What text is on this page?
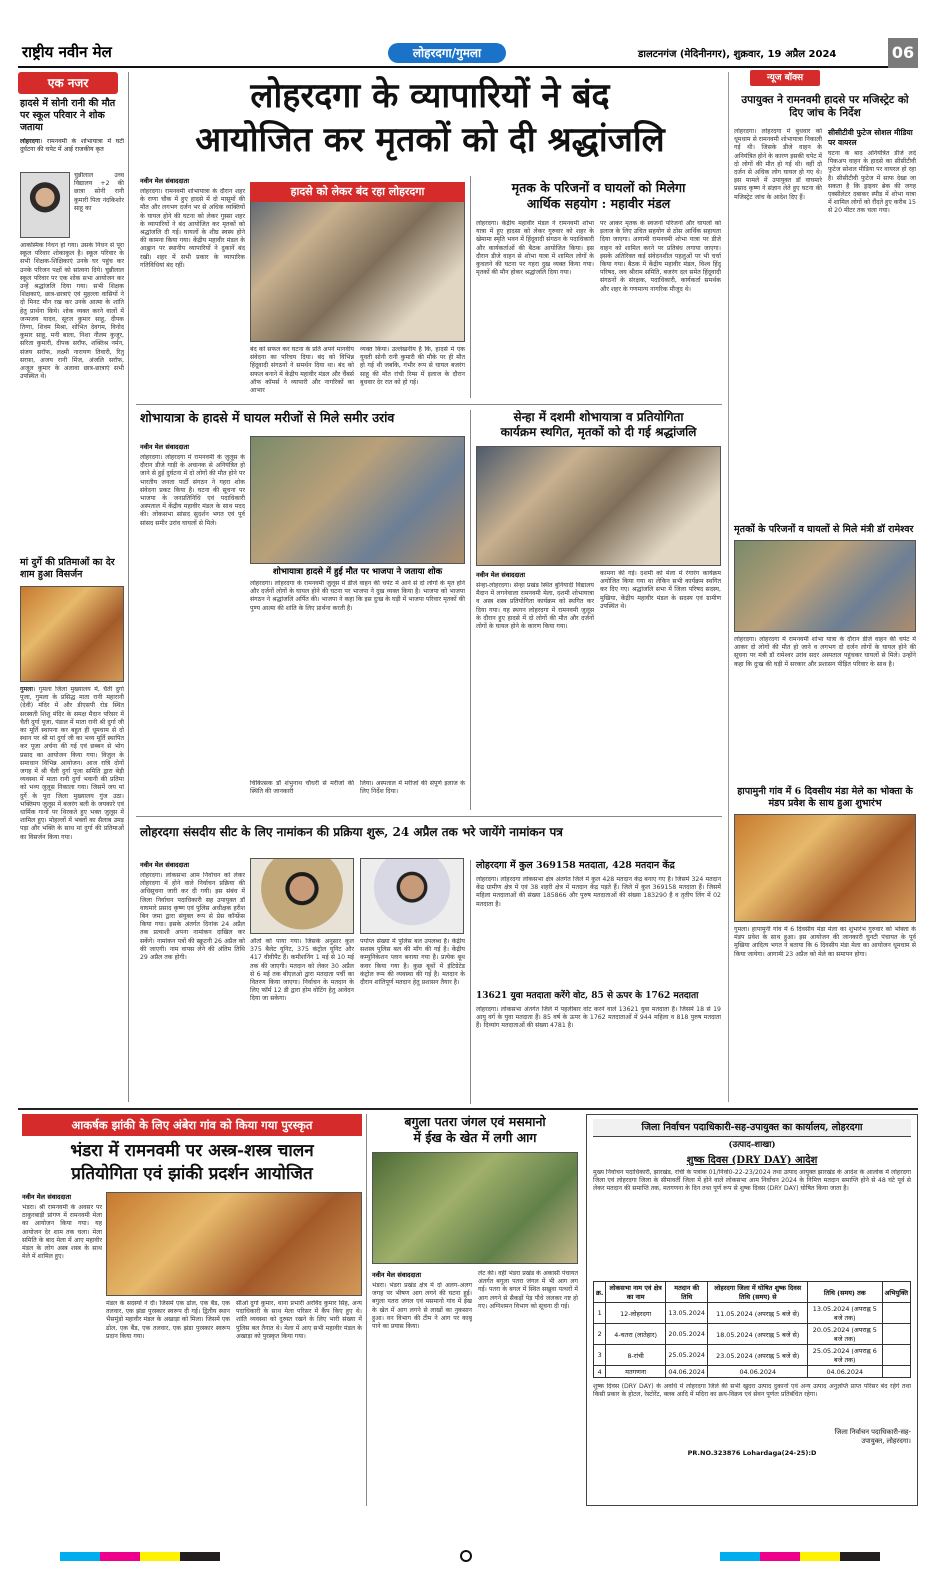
राष्ट्रीय नवीन मेल	लोहरदगा/गुमला	डालटनगंज (मेदिनीनगर), शुक्रवार, 19 अप्रैल 2024	06
एक नजर
हादसे में सोनी रानी की मौत पर स्कूल परिवार ने शोक जताया
लोहरदगा। रामनवमी के शोभायात्रा में घटी दुर्घटना की चपेट में आई राजकीय कृत
चुन्नीलाल उच्च विद्यालय +2 की छात्रा सोनी रानी कुमारी पिता नंदकिशोर साहू का
आकस्मिक निधन हो गया। उसके निधन से पूरा स्कूल परिवार शोकाकुल है। स्कूल परिवार के सभी शिक्षक-शिक्षिकाएं उनके घर पहुंच कर उनके परिजन पक्षों को सांत्वना दिये। चुन्नीलाल स्कूल परिवार पर एक शोक सभा आयोजन कर उन्हें श्रद्धांजलि दिया गया। सभी शिक्षक शिक्षकाएं, छात्र-छात्राएं एवं मुहल्ला वासियों ने दो मिनट मौन रख कर उनके आत्मा के शांति हेतु प्रार्थना किये। शोक व्यक्त करने वालों में जन्मजय यादव, सूरज कुमार साहू, दीपक तिग्गा, शिवम मिश्रा, शोभित देवगम, विनोद कुमार साहू, मनी बाला, निशा नीलम कुजूर, सरिता कुमारी, दीपक सरॉफ, शक्तिश्र नर्मन, संजय सरॉफ, लक्ष्मी नारायण तिवारी, रितु सरफ़ा, अजय रानी मिंज, अंजलि सरॉफ, अजूल कुमार के अलावा छात्र-छात्राएं सभी उपस्थित थे।
मां दुर्गे की प्रतिमाओं का देर शाम हुआ विसर्जन
गुमला। गुमला जिला मुख्यालय में, चैती दुर्गा पूजा, गुमला के प्रसिद्ध माता रानी महारानी (देवी) मंदिर में और डीएसपी रोड स्थित सरस्वती शिशु मंदिर के समक्ष मैदान परिसर में चैती दुर्गा पूजा, पंडाल में माता रानी श्री दुर्गा जी का मूर्ति स्थापना कर बहुत ही धूमधाम से दो स्थान पर श्री मां दुर्गा जी का भव्य मूर्ति स्थापित कर पूजा अर्चना की गई एवं छब्बन से भोग प्रसाद का आयोजन किया गया। विजुल के समाधान विभिन्न आयोजन। आज रात्रि दोनों जगह में श्री चैती दुर्गा पूजा समिति द्वारा बेड़ी व्यवस्था में माता रानी दुर्गा भवानी की प्रतिमा को भव्य जुलूस निकाला गया। जिसमें जय मां दुर्गे के पूरा जिला मुख्यालय गुंज उठा। भक्तिमय जुलूस में बजरंग बली के जयकारे एवं धार्मिक गानों पर थिरकते हुए भक्त जुलूस में शामिल हुए। मोहल्लों में भक्तों का सैलाब उमड़ पड़ा और भक्ति के साथ मां दुर्गा की प्रतिमाओं का विसर्जन किया गया।
लोहरदगा के व्यापारियों ने बंद
आयोजित कर मृतकों को दी श्रद्धांजलि
नवीन मेल संवाददाता
लोहरदगा। रामनवमी शोभायात्रा के दौरान शहर के राणा चौक में हुए हादसे में दो मासूमों की मौत और लगभग दर्जन भर से अधिक व्यक्तियों के घायल होने की घटना को लेकर गुस्सा शहर के व्यापारियों ने बंद आयोजित कर मृतकों को श्रद्धांजलि दी गई। घायलों के शीघ्र स्वस्थ होने की कामना किया गया। केंद्रीय महावीर मंडल के आह्वान पर स्थानीय व्यापारियों ने दुकानें बंद रखी। शहर में सभी प्रकार के व्यापारिक गतिविधियां बंद रहीं।
हादसे को लेकर बंद रहा लोहरदगा
बंद को सफल कर घटना के प्रति अपने मानवीय संवेदना का परिचय दिया। बंद को विभिन्न हिंदूवादी संगठनों ने समर्थन दिया था। बंद को सफल बनाने में केंद्रीय महावीर मंडल और चैंबर्स ऑफ कॉमर्स ने व्यापारी और नागरिकों का आभार
व्यक्त किया। उल्लेखनीय है कि, हादसे में एक युवती सोनी रानी कुमारी की मौके पर ही मौत हो गई थी जबकि, गंभीर रूप से घायल बजरंग साहू की मौत रांची रिम्स में इलाज के दौरान बुधवार देर रात को हो गई।
मृतक के परिजनों व घायलों को मिलेगा
आर्थिक सहयोग : महावीर मंडल
लोहरदगा। केंद्रीय महावीर मंडल ने रामनवमी शोभा यात्रा में हुए हादसा को लेकर गुरुवार को शहर के खेमामा स्मृति भवन में हिंदूवादी संगठन के पदाधिकारी और कार्यकर्ताओं की बैठक आयोजित किया। इस दौरान डीजे वाहन से शोभा यात्रा में शामिल लोगों के कुचलने की घटना पर गहरा दुख व्यक्त किया गया। मृतकों की मौन होकर श्रद्धांजलि दिया गया।
पर आकर मृतक के स्वजनों परिजनों और घायलों को इलाज के लिए उचित सहयोग से ठोस आर्थिक सहायता दिया जाएगा। आगामी रामनवमी शोभा यात्रा पर डीजे वाहन को शामिल करने पर प्रतिबंध लगाया जाएगा। इसके अतिरिक्त कई संवेदनशील पहलुओं पर भी चर्चा किया गया। बैठक में केंद्रीय महावीर मंडल, विश्व हिंदू परिषद, जय श्रीराम समिति, बजरंग दल समेत हिंदूवादी संगठनों के संरक्षक, पदाधिकारी, कार्यकर्ता समर्थक और शहर के गणमान्य नागरिक मौजूद थे।
शोभायात्रा के हादसे में घायल मरीजों से मिले समीर उरांव
नवीन मेल संवाददाता
लोहरदगा। लोहरदगा में रामनवमी के जुलूस के दौरान डीजे गाड़ी के अचानक से अनियंत्रित हो जाने से हुई दुर्घटना में दो लोगों की मौत होने पर भारतीय जनता पार्टी संगठन ने गहरा शोक संवेदना प्रकट किया है। घटना की सूचना पर भाजपा के जनप्रतिनिधि एवं पदाधिकारी अस्पताल में केंद्रीय महावीर मंडल के साथ मदद की। लोकसभा सांसद सुदर्शन भगत एवं पूर्व सांसद समीर उरांव घायलों से मिले।
शोभायात्रा हादसे में हुई मौत पर भाजपा ने जताया शोक
लोहरदगा। लोहरदगा के रामनवमी जुलूस में डीजे वाहन की चपेट में आने से दो लोगों के मृत होने और दर्जनों लोगों के घायल होने की घटना पर भाजपा ने दुख व्यक्त किया है। भाजपा को भाजपा संगठन ने श्रद्धांजलि अर्पित की। भाजपा ने कहा कि इस दुःख के घड़ी में भाजपा परिवार मृतकों की पुण्य आत्मा की शांति के लिए प्रार्थना करती है।
चिकित्सक डॉ शंभुनाथ चौधरी से मरीजों की स्थिति की जानकारी
लिया। अस्पताल में मरीजों की संपूर्ण इलाज के लिए निर्देश दिया।
सेन्हा में दशमी शोभायात्रा व प्रतियोगिता
कार्यक्रम स्थगित, मृतकों को दी गई श्रद्धांजलि
नवीन मेल संवाददाता
सेन्हा-लोहरदगा। सेन्हा प्रखंड स्थित बुनियादी विद्यालय मैदान में लगनेवाला रामनवमी मेला, दशमी शोभायात्रा व अस्त्र शस्त्र प्रतियोगिता कार्यक्रम को स्थगित कर दिया गया। यह स्थगन लोहरदगा में रामनवमी जुलूस के दौरान हुए हादसे में दो लोगों की मौत और दर्जनों लोगों के घायल होने के कारण किया गया।
कामना की गई। दशमी को मेला में रंगारंग कार्यक्रम अयोजित किया गया था लेकिन सभी कार्यक्रम स्थगित कर दिए गए। श्रद्धांजलि सभा में जिला परिषद सदस्य, मुखिया, केंद्रीय महावीर मंडल के सदस्य एवं ग्रामीण उपस्थित थे।
लोहरदगा संसदीय सीट के लिए नामांकन की प्रक्रिया शुरू, 24 अप्रैल तक भरे जायेंगे नामांकन पत्र
नवीन मेल संवाददाता
लोहरदगा। लोकसभा आम निर्वाचन को लेकर लोहरदगा में होने वाले निर्वाचन प्रक्रिया की अधिसूचना जारी कर दी गयी। इस संबंध में जिला निर्वाचन पदाधिकारी सह उपायुक्त डॉ वाघमारे प्रसाद कृष्ण एवं पुलिस अधीक्षक हरीश बिन जमा द्वारा संयुक्त रूप से प्रेस कॉन्फ्रेंस किया गया। इसके अंतर्गत दिनांक 24 अप्रैल तक प्रत्याशी अपना नामांकन दाखिल कर सकेंगे। नामांकन पत्रों की स्क्रूटनी 26 अप्रैल को की जाएगी। नाम वापस लेने की अंतिम तिथि 29 अप्रैल तक होगी।
और्ता को पाया गया। जिसके अनुसार कुल 375 बैलेट यूनिट, 375 कंट्रोल यूनिट और 417 वीवीपैट हैं। कमीशनिंग 1 मई से 10 मई तक की जाएगी। मतदान को लेकर 30 अप्रैल से 6 मई तक बीएलओ द्वारा मतदाता पर्ची का वितरण किया जाएगा। निर्वाचन के मतदान के लिए फॉर्म 12 डी द्वारा होम वोटिंग हेतु आवेदन दिया जा सकेगा।
पर्याप्त संख्या में पुलिस बल उपलब्ध है। केंद्रीय सशस्त्र पुलिस बल की माँग की गई है। केंद्रीय कम्युनिकेशन प्लान बनाया गया है। प्रत्येक बूथ कवर किया गया है। कुछ बूथों में इंटिग्रेटेड कंट्रोल रूम की व्यवस्था की गई है। मतदान के दौरान शांतिपूर्ण मतदान हेतु प्रशासन तैयार है।
लोहरदगा में कुल 369158 मतदाता, 428 मतदान केंद्र
लोहरदगा। लोहरदगा लोकसभा क्षेत्र अंतर्गत जिले में कुल 428 मतदान केंद्र बनाए गए हैं। जिसमें 324 मतदान केंद्र ग्रामीण क्षेत्र में एवं 38 शहरी क्षेत्र में मतदान केंद्र पड़ते हैं। जिले में कुल 369158 मतदाता हैं। जिसमें महिला मतदाताओं की संख्या 185866 और पुरुष मतदाताओं की संख्या 183290 है व तृतीय लिंग में 02 मतदाता है।
13621 युवा मतदाता करेंगे वोट, 85 से ऊपर के 1762 मतदाता
लोहरदगा। लोकसभा अंतर्गत जिले में पहलीबार वोट करने वाले 13621 युवा मतदाता हैं। जिसमें 18 से 19 आयु वर्ग के युवा मतदाता हैं। 85 वर्ष के ऊपर के 1762 मतदाताओं में 944 महिला व 818 पुरुष मतदाता हैं। दिव्यांग मतदाताओं की संख्या 4781 है।
न्यूज बॉक्स
उपायुक्त ने रामनवमी हादसे पर मजिस्ट्रेट को दिए जांच के निर्देश
लोहरदगा। लोहरदगा में बुधवार को धूमधाम से रामनवमी शोभायात्रा निकाली गई थी। जिसके डीजे वाहन के अनियंत्रित होने के कारण इसकी चपेट में दो लोगों की मौत हो गई थी। वहीं दो दर्जन से अधिक लोग घायल हो गए थे। इस मामले में उपायुक्त डॉ वाघमारे प्रसाद कृष्ण ने संज्ञान लेते हुए घटना की मजिस्ट्रेट जांच के आदेश दिए हैं।
सीसीटीवी फुटेज सोशल मीडिया पर वायरल
घटना के बाद अनियंत्रित डीजे लदे पिकअप वाहन के हादसे का सीसीटीवी फुटेज सोशल मीडिया पर वायरल हो रहा है। सीसीटीवी फुटेज में साफ देखा जा सकता है कि ड्राइवर ब्रेक की जगह एक्सीलेटर दबाकर स्पीड में शोभा यात्रा में शामिल लोगों को रौंदते हुए करीब 15 से 20 मीटर तक चला गया।
मृतकों के परिजनों व घायलों से मिले मंत्री डॉ रामेश्वर
लोहरदगा। लोहरदगा में रामनवमी शोभा यात्रा के दौरान डीजे वाहन की चपेट में आकर दो लोगों की मौत हो जाने व लगभग दो दर्जन लोगों के घायल होने की सूचना पर मंत्री डॉ रामेश्वर उरांव सदर अस्पताल पहुंचकर घायलों से मिले। उन्होंने कहा कि दुःख की घड़ी में सरकार और प्रशासन पीड़ित परिवार के साथ है।
हापामुनी गांव में 6 दिवसीय मंडा मेले का भोक्ता के मंडप प्रवेश के साथ हुआ शुभारंभ
गुमला। हापामुनी गांव में 6 दिवसीय मंडा मेला का शुभारंभ गुरुवार को भोक्ता के मंडप प्रवेश के साथ हुआ। इस आयोजन की जानकारी घुनटी पंचायत के पूर्व मुखिया आदित्य भगत ने बताया कि 6 दिवसीय मंडा मेला का आयोजन धूमधाम से किया जायेगा। आगामी 23 अप्रैल को मेले का समापन होगा।
आकर्षक झांकी के लिए अंबेरा गांव को किया गया पुरस्कृत
भंडरा में रामनवमी पर अस्त्र-शस्त्र चालन
प्रतियोगिता एवं झांकी प्रदर्शन आयोजित
नवीन मेल संवाददाता
भंडरा। श्री रामनवमी के अवसर पर ठाकुरबाड़ी प्रांगण में रामनवमी मेला का आयोजन किया गया। यह आयोजन देर शाम तक चला। मेला समिति के बाद मेला में आए महावीर मंडल के लोग अस्त्र शस्त्र के साथ मेले में शामिल हुए।
मंडल के सदस्यों ने दी। जिसमें एक ढोल, एक बैंड, एक तलवार, एक झंडा पुरस्कार स्वरूप दी गई। द्वितीय स्थान भैसमुंडो महावीर मंडल के अखाड़ा को मिला। जिसमें एक ढोल, एक बैंड, एक तलवार, एक झंडा पुरस्कार स्वरूप प्रदान किया गया।
सीओ दुर्गा कुमार, थाना प्रभारी अरविंद कुमार सिंह, अन्य पदाधिकारी के साथ मेला परिसर में कैंप किए हुए थे। शांति व्यवस्था को दुरुस्त रखने के लिए भारी संख्या में पुलिस बल तैनात थे। मेला में आए सभी महावीर मंडल के अखाड़ा को पुरस्कृत किया गया।
बगुला पतरा जंगल एवं मसमानो
में ईख के खेत में लगी आग
नवीन मेल संवाददाता
भंडरा। भंडरा प्रखंड क्षेत्र में दो अलग-अलग जगह पर भीषण आग लगने की घटना हुई। बगुला पतरा जंगल एवं मसमानो गांव में ईख के खेत में आग लगने से लाखों का नुकसान हुआ। वन विभाग की टीम ने आग पर काबू पाने का प्रयास किया।
लेट की। वहीं भंडरा प्रखंड के अकासी पंचायत अंतर्गत बगुला पतरा जंगल में भी आग लग गई। पतरा के बगल में स्थित सखुवा पत्थरों में आग लगने से सैकड़ों पेड़ पौधे जलकर नष्ट हो गए। अग्निशमन विभाग को सूचना दी गई।
जिला निर्वाचन पदाधिकारी-सह-उपायुक्त का कार्यालय, लोहरदगा
(उत्पाद-शाखा)
शुष्क दिवस (DRY DAY) आदेश
मुख्य निर्वाचन पदाधिकारी, झारखंड, रांची के पत्रांक 01/निर्वा0-22-23/2024 तथा उत्पाद आयुक्त झारखंड के आदेश के आलोक में लोहरदगा जिला एवं लोहरदगा जिला के सीमावर्ती जिला में होने वाले लोकसभा आम निर्वाचन 2024 के निमित्त मतदान समाप्ति होने से 48 घंटे पूर्व से लेकर मतदान की समाप्ति तक, मतगणना के दिन तथा पूर्ण रूप से शुष्क दिवस (DRY DAY) घोषित किया जाता है।
क्र.	लोकसभा नाम एवं क्षेत्र का नाम	मतदान की तिथि	लोहरदगा जिला में घोषित शुष्क दिवस तिथि (समय) से	तिथि (समय) तक	अभियुक्ति
1	12-लोहरदगा	13.05.2024	11.05.2024 (अपराह्न 5 बजे से)	13.05.2024 (अपराह्न 5 बजे तक)	
2	4-चतरा (लातेहार)	20.05.2024	18.05.2024 (अपराह्न 5 बजे से)	20.05.2024 (अपराह्न 5 बजे तक)	
3	8-रांची	25.05.2024	23.05.2024 (अपराह्न 5 बजे से)	25.05.2024 (अपराह्न 6 बजे तक)	
4	मतगणना	04.06.2024	04.06.2024	04.06.2024	
शुष्क दिवस (DRY DAY) के अवधि में लोहरदगा जिले की सभी खुदरा उत्पाद दुकानों एवं अन्य उत्पाद अनुज्ञप्ति प्राप्त परिसर बंद रहेंगे तथा किसी प्रकार के होटल, रेस्टोरेंट, क्लब आदि में मदिरा का क्रय-विक्रय एवं सेवन पूर्णतः प्रतिबंधित रहेगा।
जिला निर्वाचन पदाधिकारी-सह-
उपायुक्त, लोहरदगा।
PR.NO.323876 Lohardaga(24-25):D
